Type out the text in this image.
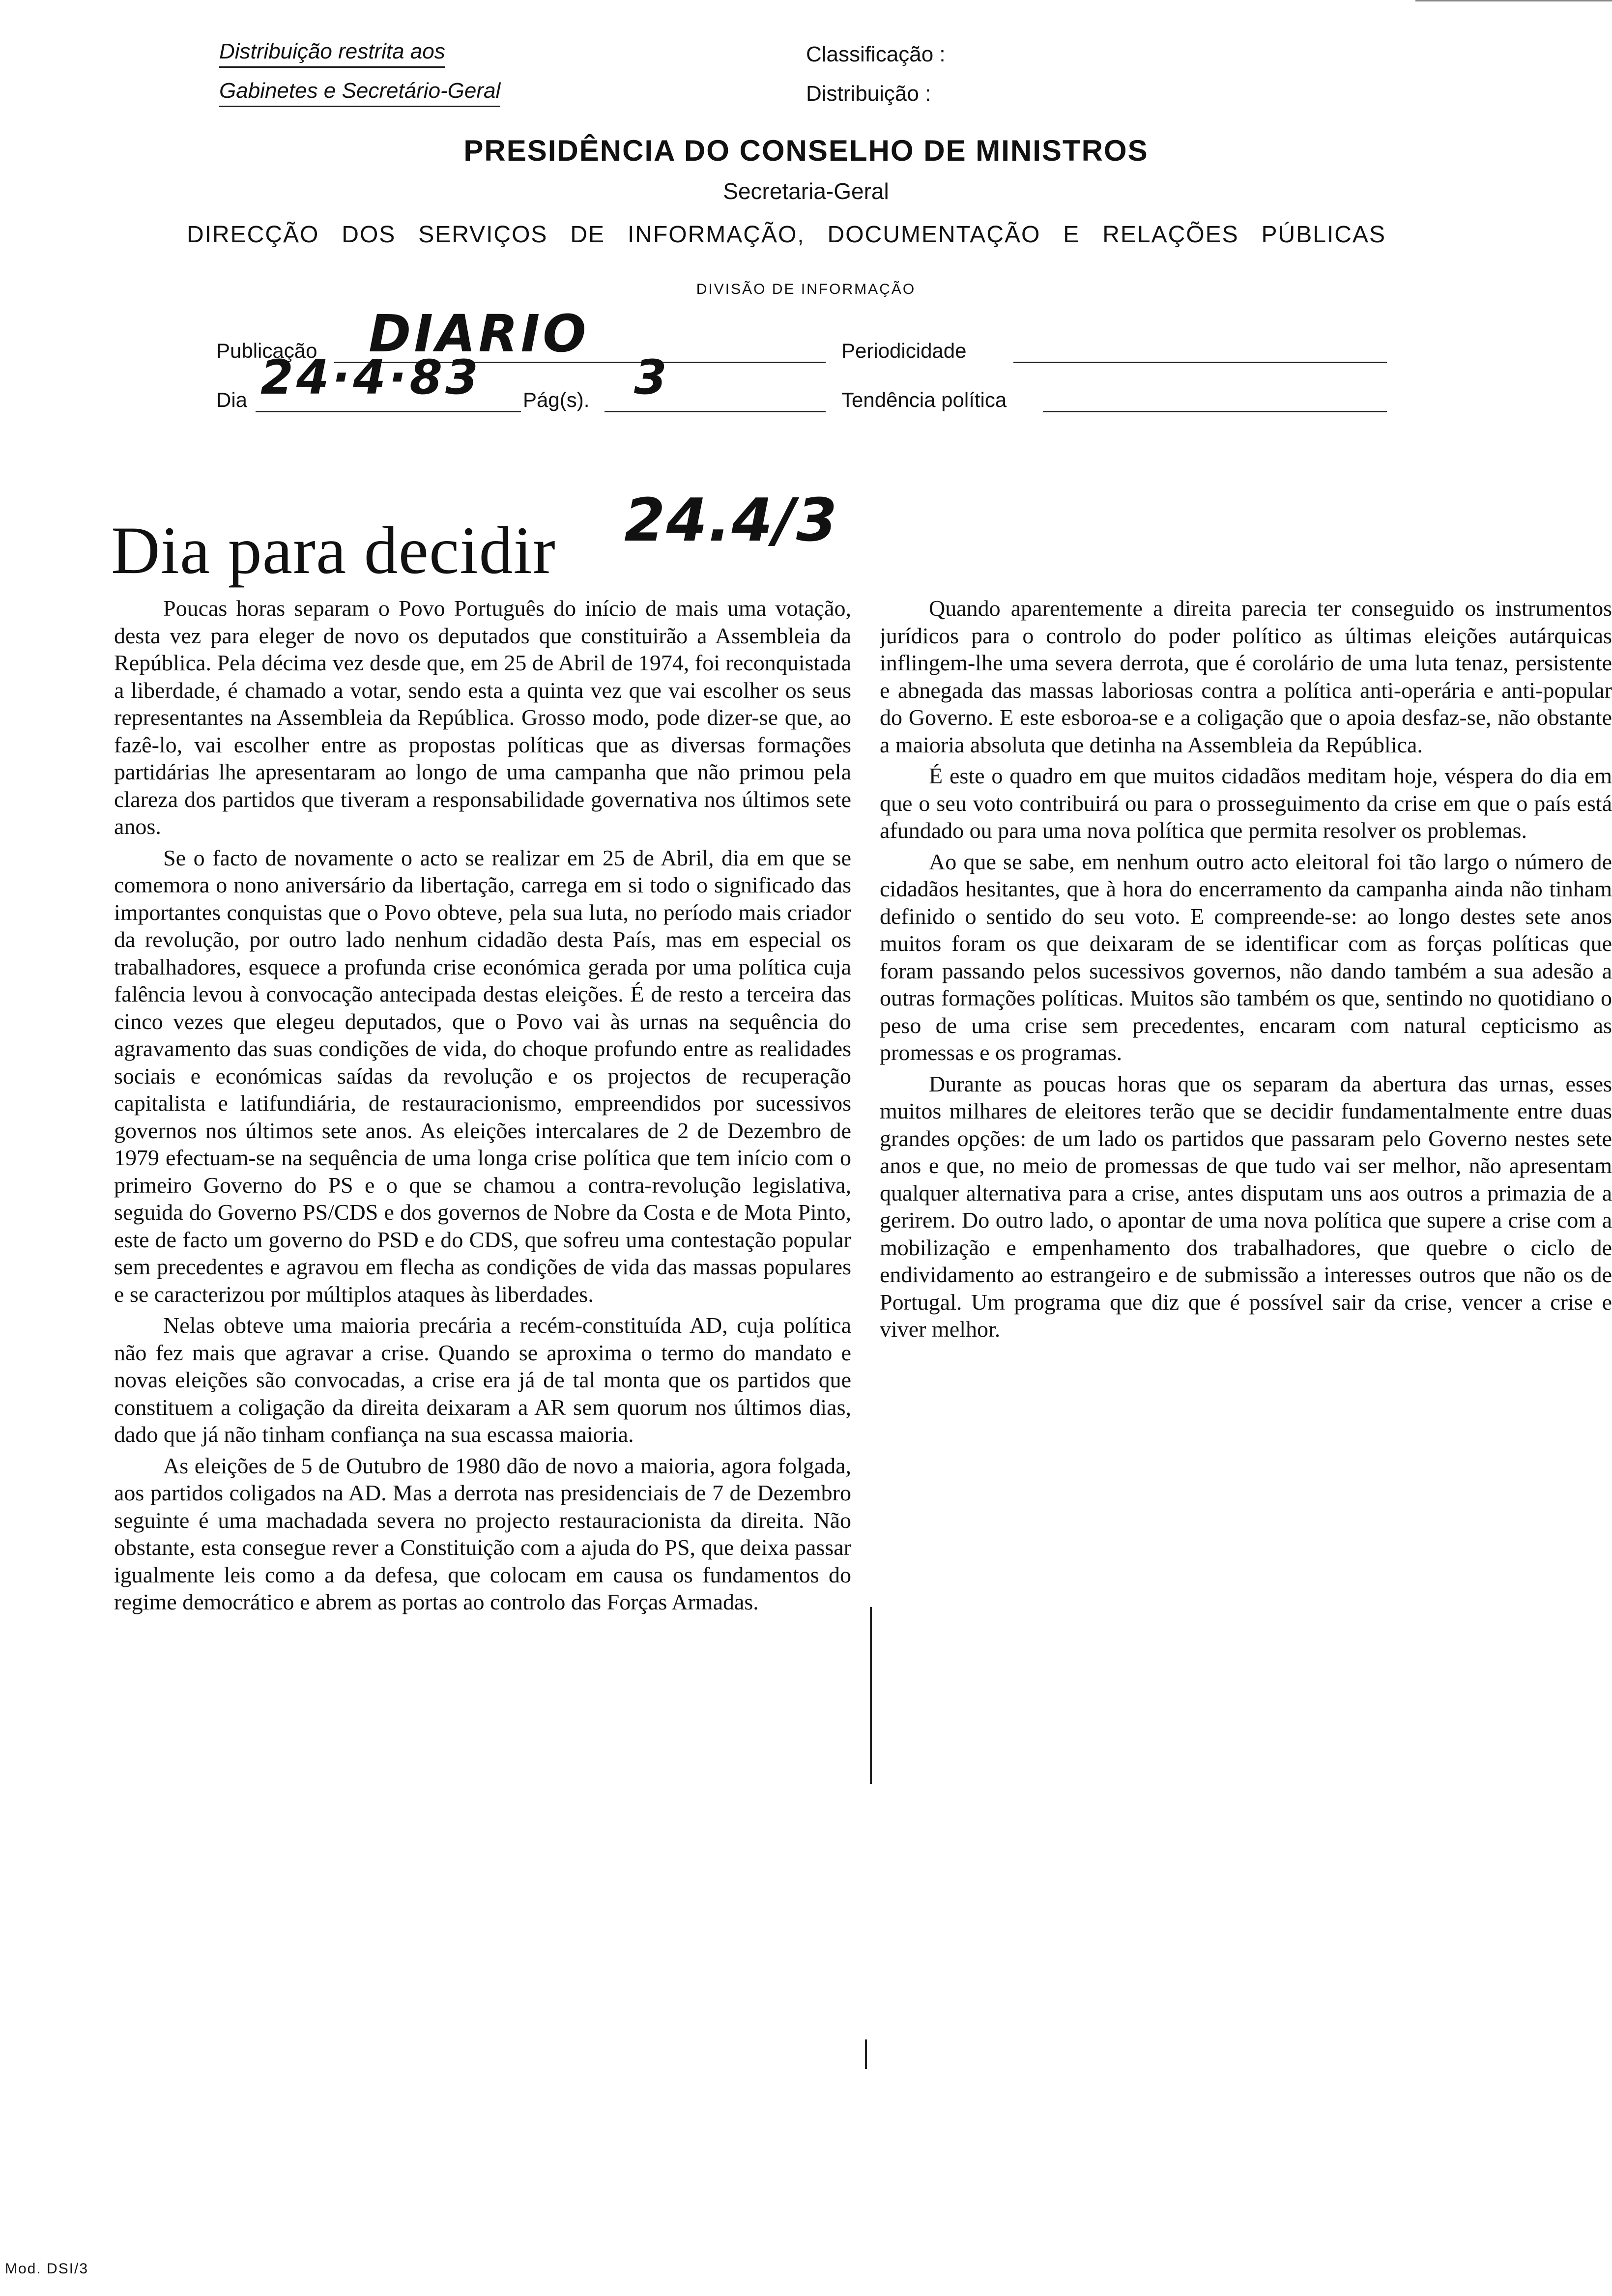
Distribuição restrita aos
Gabinetes e Secretário-Geral
Classificação :
Distribuição :
PRESIDÊNCIA DO CONSELHO DE MINISTROS
Secretaria-Geral
DIRECÇÃO DOS SERVIÇOS DE INFORMAÇÃO, DOCUMENTAÇÃO E RELAÇÕES PÚBLICAS
DIVISÃO DE INFORMAÇÃO
Publicação DIARIO	Periodicidade
Dia 24·4·83 Pág(s). 3	Tendência política
Dia para decidir 24.4/3

Poucas horas separam o Povo Português do início de mais uma votação, desta vez para eleger de novo os deputados que constituirão a Assembleia da República. Pela décima vez desde que, em 25 de Abril de 1974, foi reconquistada a liberdade, é chamado a votar, sendo esta a quinta vez que vai escolher os seus representantes na Assembleia da República. Grosso modo, pode dizer-se que, ao fazê-lo, vai escolher entre as propostas políticas que as diversas formações partidárias lhe apresentaram ao longo de uma campanha que não primou pela clareza dos partidos que tiveram a responsabilidade governativa nos últimos sete anos.

Se o facto de novamente o acto se realizar em 25 de Abril, dia em que se comemora o nono aniversário da libertação, carrega em si todo o significado das importantes conquistas que o Povo obteve, pela sua luta, no período mais criador da revolução, por outro lado nenhum cidadão desta País, mas em especial os trabalhadores, esquece a profunda crise económica gerada por uma política cuja falência levou à convocação antecipada destas eleições. É de resto a terceira das cinco vezes que elegeu deputados, que o Povo vai às urnas na sequência do agravamento das suas condições de vida, do choque profundo entre as realidades sociais e económicas saídas da revolução e os projectos de recuperação capitalista e latifundiária, de restauracionismo, empreendidos por sucessivos governos nos últimos sete anos. As eleições intercalares de 2 de Dezembro de 1979 efectuam-se na sequência de uma longa crise política que tem início com o primeiro Governo do PS e o que se chamou a contra-revolução legislativa, seguida do Governo PS/CDS e dos governos de Nobre da Costa e de Mota Pinto, este de facto um governo do PSD e do CDS, que sofreu uma contestação popular sem precedentes e agravou em flecha as condições de vida das massas populares e se caracterizou por múltiplos ataques às liberdades.

Nelas obteve uma maioria precária a recém-constituída AD, cuja política não fez mais que agravar a crise. Quando se aproxima o termo do mandato e novas eleições são convocadas, a crise era já de tal monta que os partidos que constituem a coligação da direita deixaram a AR sem quorum nos últimos dias, dado que já não tinham confiança na sua escassa maioria.

As eleições de 5 de Outubro de 1980 dão de novo a maioria, agora folgada, aos partidos coligados na AD. Mas a derrota nas presidenciais de 7 de Dezembro seguinte é uma machadada severa no projecto restauracionista da direita. Não obstante, esta consegue rever a Constituição com a ajuda do PS, que deixa passar igualmente leis como a da defesa, que colocam em causa os fundamentos do regime democrático e abrem as portas ao controlo das Forças Armadas.

Quando aparentemente a direita parecia ter conseguido os instrumentos jurídicos para o controlo do poder político as últimas eleições autárquicas inflingem-lhe uma severa derrota, que é corolário de uma luta tenaz, persistente e abnegada das massas laboriosas contra a política anti-operária e anti-popular do Governo. E este esboroa-se e a coligação que o apoia desfaz-se, não obstante a maioria absoluta que detinha na Assembleia da República.

É este o quadro em que muitos cidadãos meditam hoje, véspera do dia em que o seu voto contribuirá ou para o prosseguimento da crise em que o país está afundado ou para uma nova política que permita resolver os problemas.

Ao que se sabe, em nenhum outro acto eleitoral foi tão largo o número de cidadãos hesitantes, que à hora do encerramento da campanha ainda não tinham definido o sentido do seu voto. E compreende-se: ao longo destes sete anos muitos foram os que deixaram de se identificar com as forças políticas que foram passando pelos sucessivos governos, não dando também a sua adesão a outras formações políticas. Muitos são também os que, sentindo no quotidiano o peso de uma crise sem precedentes, encaram com natural cepticismo as promessas e os programas.

Durante as poucas horas que os separam da abertura das urnas, esses muitos milhares de eleitores terão que se decidir fundamentalmente entre duas grandes opções: de um lado os partidos que passaram pelo Governo nestes sete anos e que, no meio de promessas de que tudo vai ser melhor, não apresentam qualquer alternativa para a crise, antes disputam uns aos outros a primazia de a gerirem. Do outro lado, o apontar de uma nova política que supere a crise com a mobilização e empenhamento dos trabalhadores, que quebre o ciclo de endividamento ao estrangeiro e de submissão a interesses outros que não os de Portugal. Um programa que diz que é possível sair da crise, vencer a crise e viver melhor.

Mod. DSI/3
